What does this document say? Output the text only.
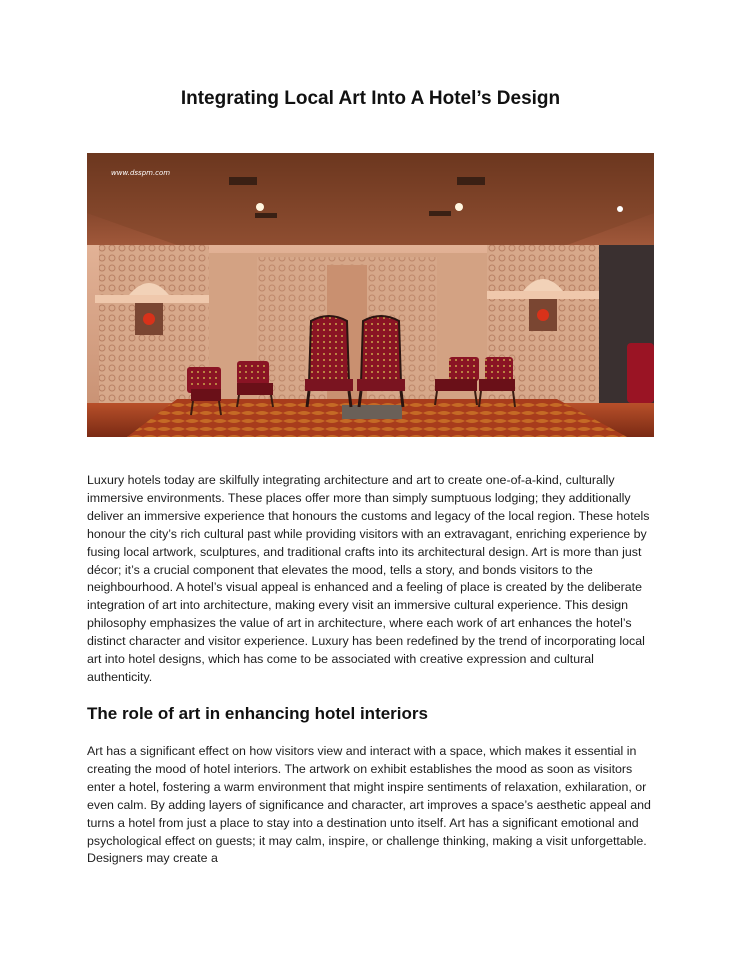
Integrating Local Art Into A Hotel’s Design
www.dsspm.com

Luxury hotels today are skilfully integrating architecture and art to create one-of-a-kind, culturally immersive environments. These places offer more than simply sumptuous lodging; they additionally deliver an immersive experience that honours the customs and legacy of the local region. These hotels honour the city’s rich cultural past while providing visitors with an extravagant, enriching experience by fusing local artwork, sculptures, and traditional crafts into its architectural design. Art is more than just décor; it’s a crucial component that elevates the mood, tells a story, and bonds visitors to the neighbourhood. A hotel’s visual appeal is enhanced and a feeling of place is created by the deliberate integration of art into architecture, making every visit an immersive cultural experience. This design philosophy emphasizes the value of art in architecture, where each work of art enhances the hotel’s distinct character and visitor experience. Luxury has been redefined by the trend of incorporating local art into hotel designs, which has come to be associated with creative expression and cultural authenticity.

The role of art in enhancing hotel interiors

Art has a significant effect on how visitors view and interact with a space, which makes it essential in creating the mood of hotel interiors. The artwork on exhibit establishes the mood as soon as visitors enter a hotel, fostering a warm environment that might inspire sentiments of relaxation, exhilaration, or even calm. By adding layers of significance and character, art improves a space’s aesthetic appeal and turns a hotel from just a place to stay into a destination unto itself. Art has a significant emotional and psychological effect on guests; it may calm, inspire, or challenge thinking, making a visit unforgettable. Designers may create a
